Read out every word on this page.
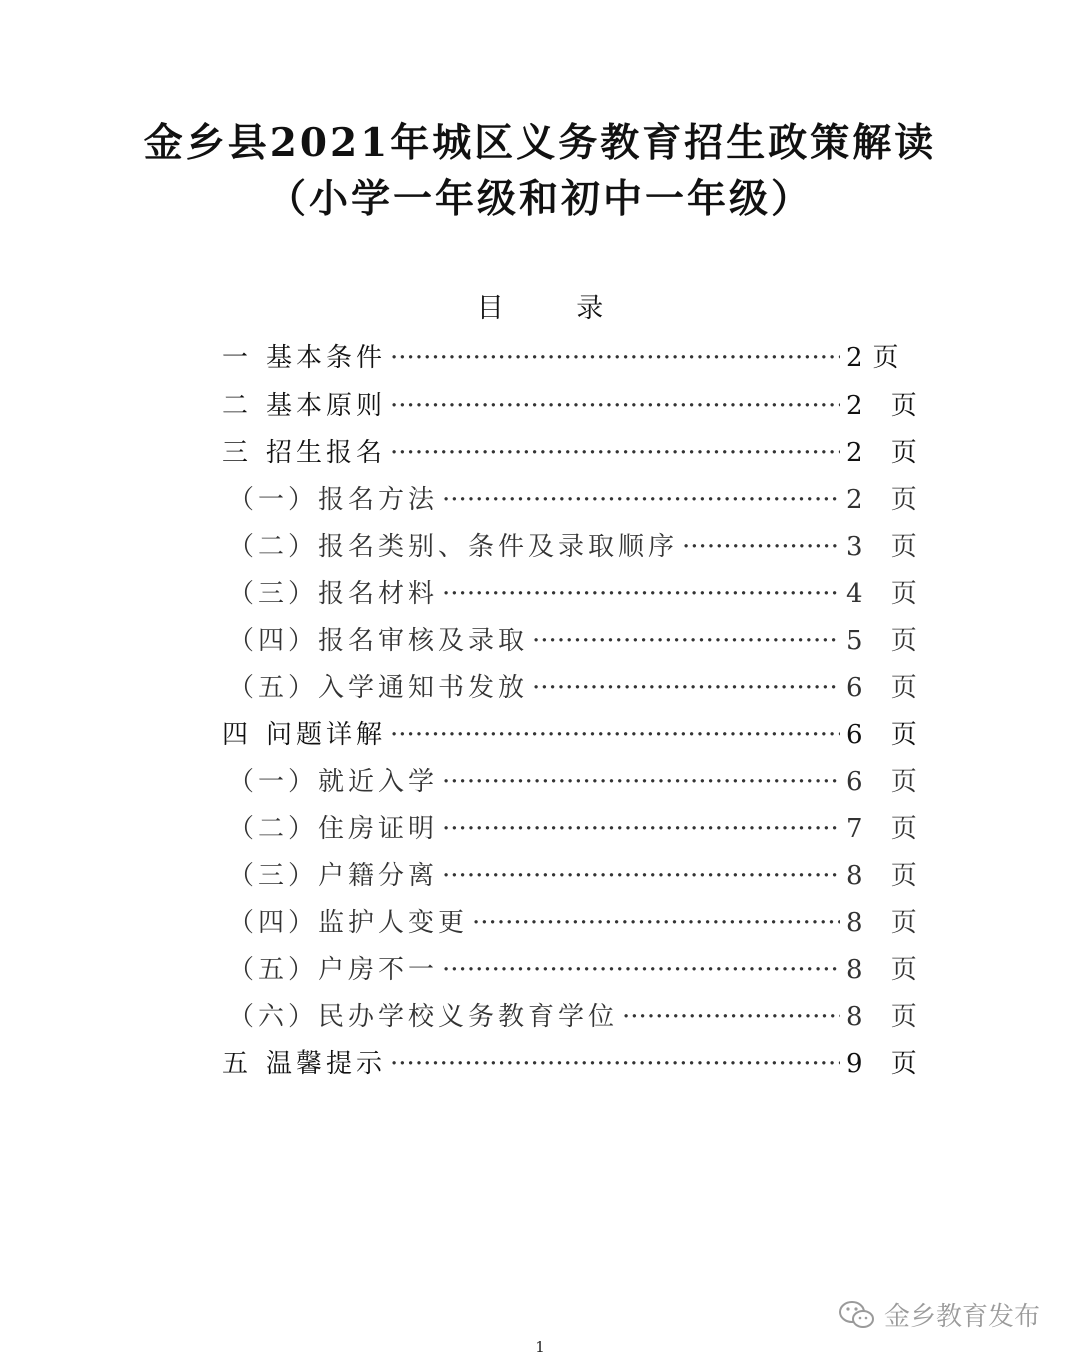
金乡县2021年城区义务教育招生政策解读
（小学一年级和初中一年级）
目 录
一 基本条件 ·····	2页
二 基本原则 ·····	2 页
三 招生报名 ·····	2 页
（一）报名方法 ·····	2 页
（二）报名类别、条件及录取顺序 ·····	3 页
（三）报名材料 ·····	4 页
（四）报名审核及录取 ·····	5 页
（五）入学通知书发放 ·····	6 页
四 问题详解 ·····	6 页
（一）就近入学 ·····	6 页
（二）住房证明 ·····	7 页
（三）户籍分离 ·····	8 页
（四）监护人变更 ·····	8 页
（五）户房不一 ·····	8 页
（六）民办学校义务教育学位 ·····	8 页
五 温馨提示 ·····	9 页
1
金乡教育发布
